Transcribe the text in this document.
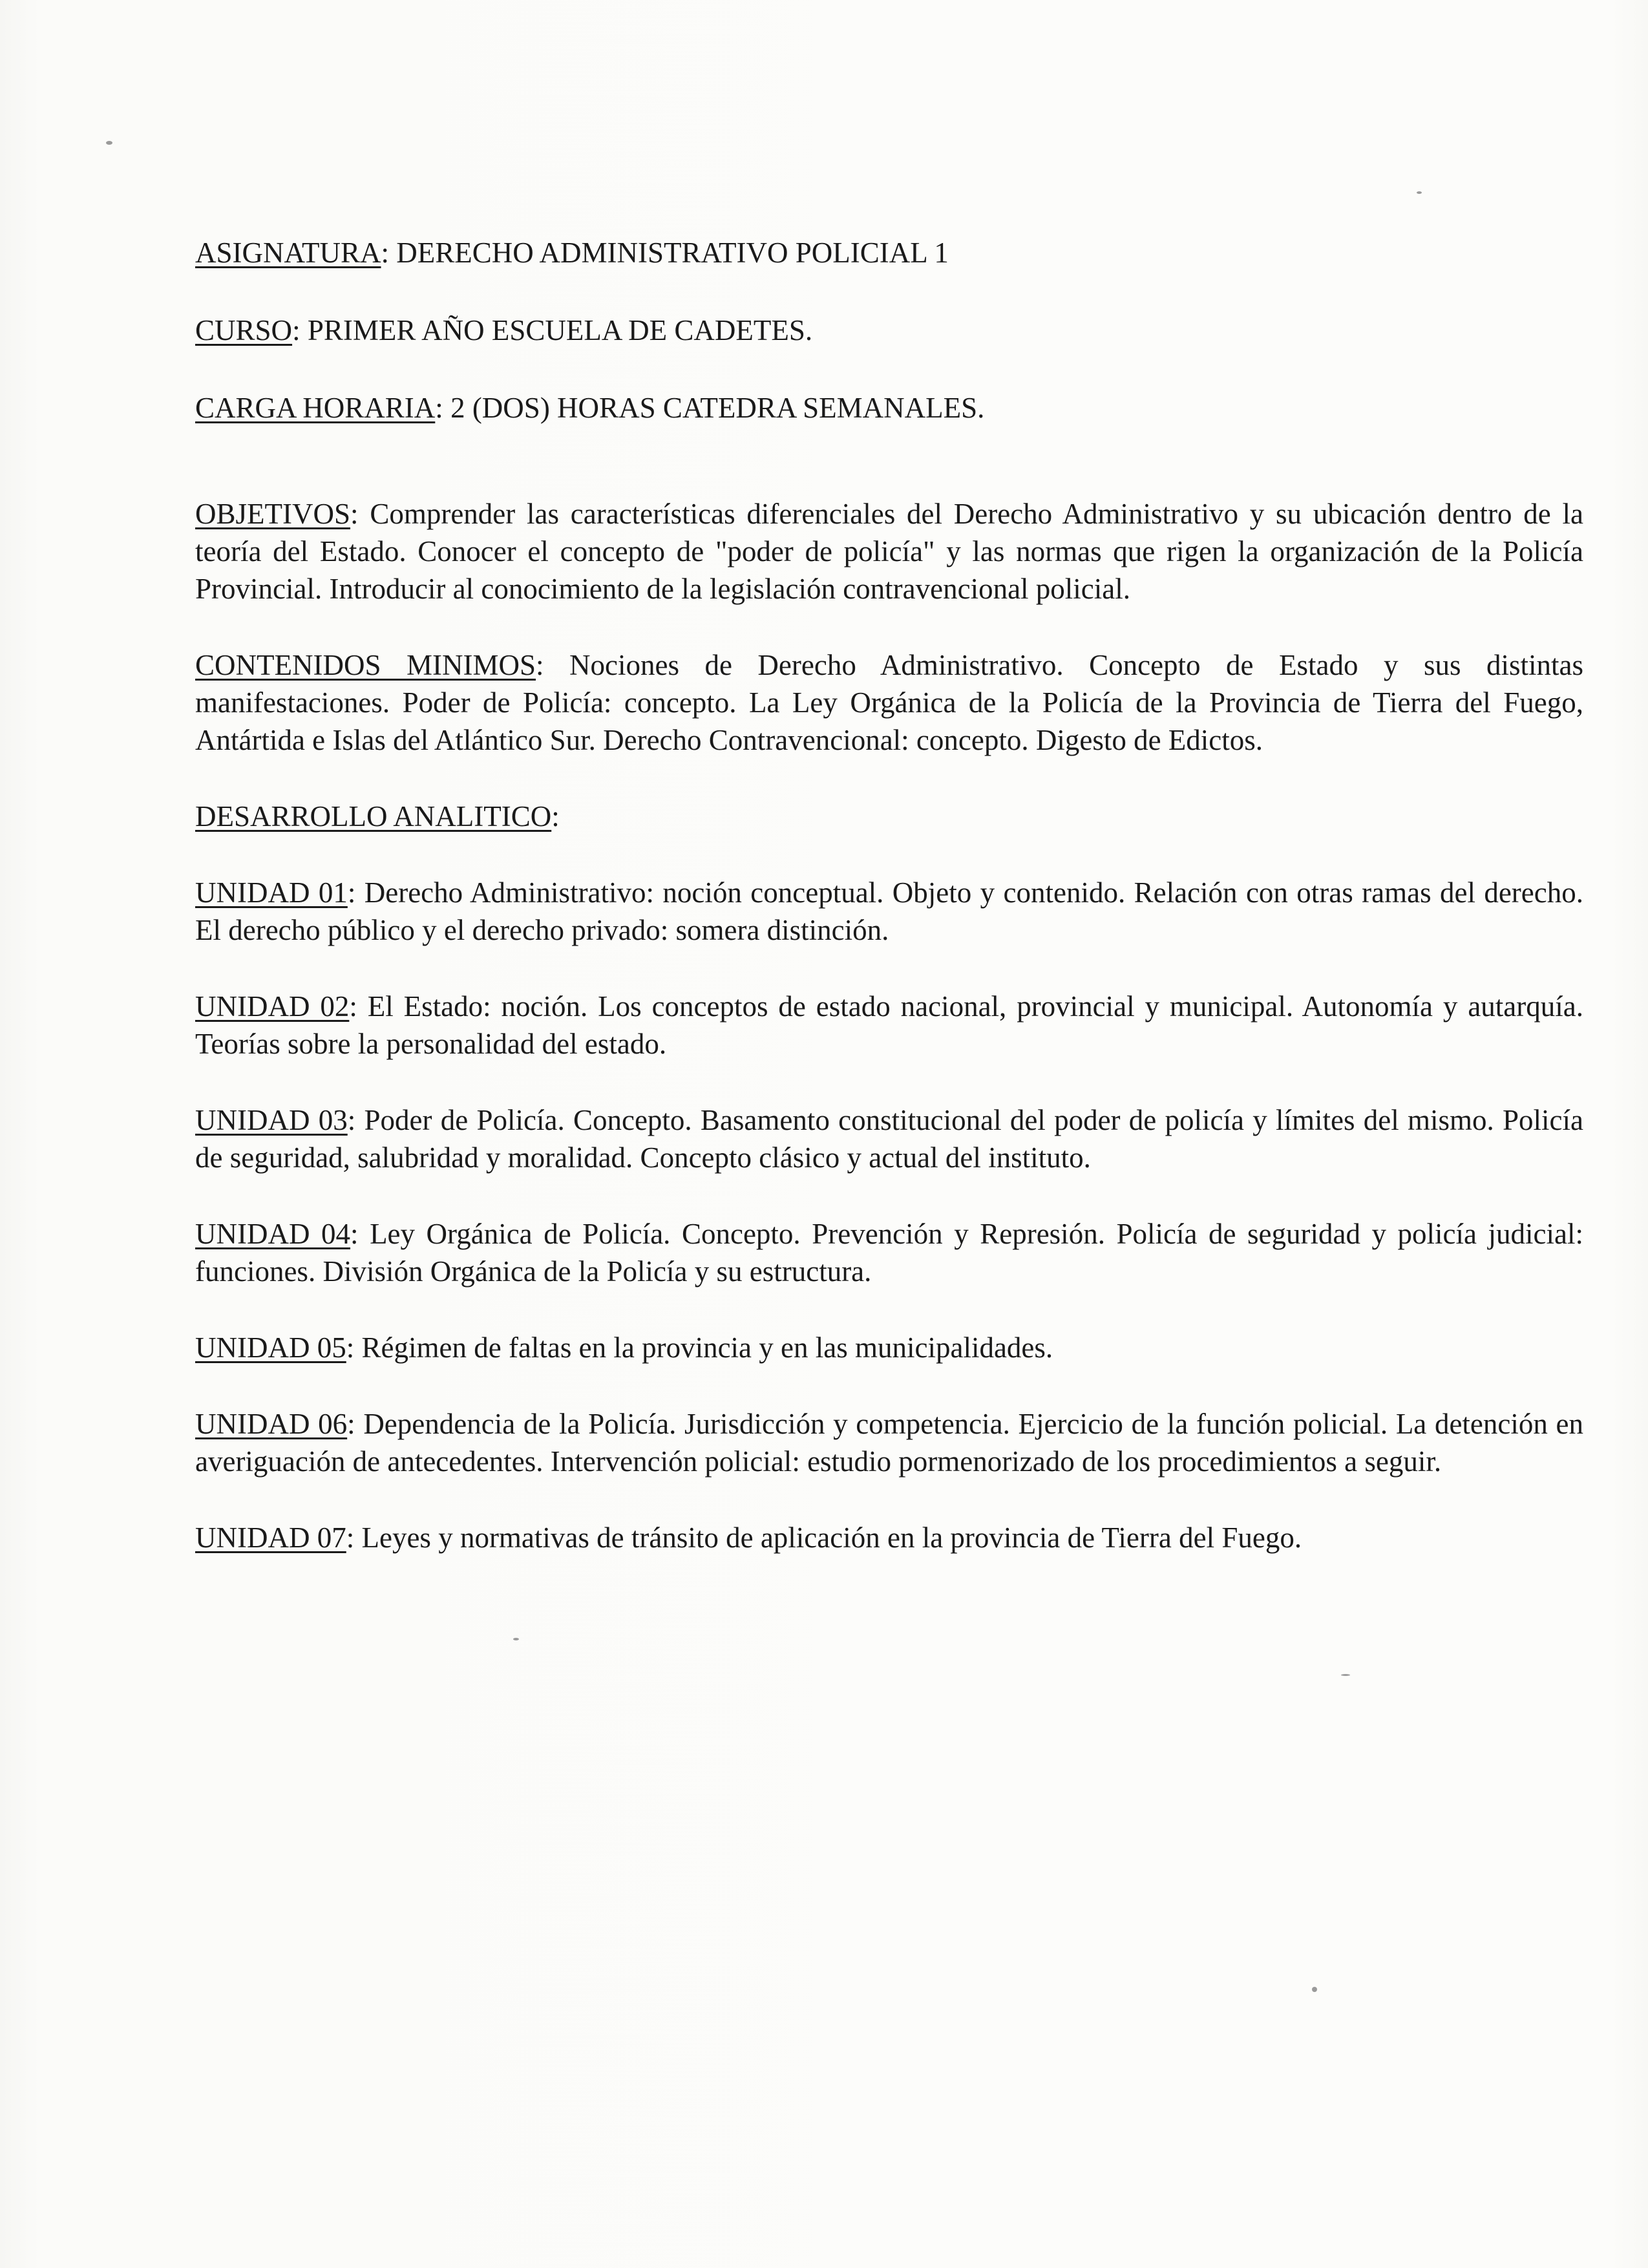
ASIGNATURA: DERECHO ADMINISTRATIVO POLICIAL 1

CURSO: PRIMER AÑO ESCUELA DE CADETES.

CARGA HORARIA: 2 (DOS) HORAS CATEDRA SEMANALES.

OBJETIVOS: Comprender las características diferenciales del Derecho Administrativo y su ubicación dentro de la teoría del Estado. Conocer el concepto de "poder de policía" y las normas que rigen la organización de la Policía Provincial. Introducir al conocimiento de la legislación contravencional policial.

CONTENIDOS MINIMOS: Nociones de Derecho Administrativo. Concepto de Estado y sus distintas manifestaciones. Poder de Policía: concepto. La Ley Orgánica de la Policía de la Provincia de Tierra del Fuego, Antártida e Islas del Atlántico Sur. Derecho Contravencional: concepto. Digesto de Edictos.

DESARROLLO ANALITICO:

UNIDAD 01: Derecho Administrativo: noción conceptual. Objeto y contenido. Relación con otras ramas del derecho. El derecho público y el derecho privado: somera distinción.

UNIDAD 02: El Estado: noción. Los conceptos de estado nacional, provincial y municipal. Autonomía y autarquía. Teorías sobre la personalidad del estado.

UNIDAD 03: Poder de Policía. Concepto. Basamento constitucional del poder de policía y límites del mismo. Policía de seguridad, salubridad y moralidad. Concepto clásico y actual del instituto.

UNIDAD 04: Ley Orgánica de Policía. Concepto. Prevención y Represión. Policía de seguridad y policía judicial: funciones. División Orgánica de la Policía y su estructura.

UNIDAD 05: Régimen de faltas en la provincia y en las municipalidades.

UNIDAD 06: Dependencia de la Policía. Jurisdicción y competencia. Ejercicio de la función policial. La detención en averiguación de antecedentes. Intervención policial: estudio pormenorizado de los procedimientos a seguir.

UNIDAD 07: Leyes y normativas de tránsito de aplicación en la provincia de Tierra del Fuego.
